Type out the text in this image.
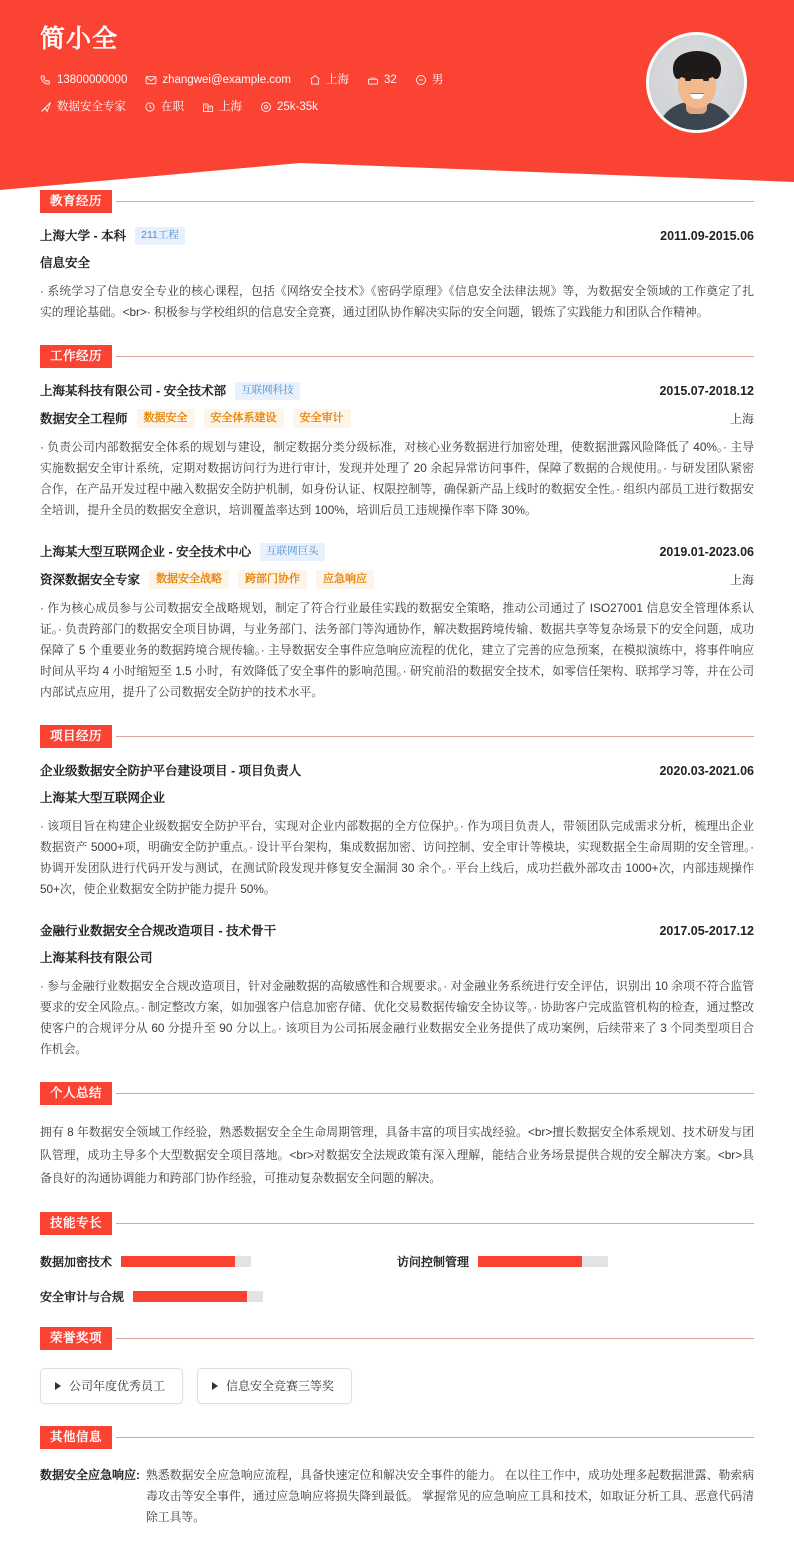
简小全
13800000000	zhangwei@example.com	上海	32	男
数据安全专家	在职	上海	25k-35k
教育经历
上海大学 - 本科	211工程	2011.09-2015.06
信息安全
· 系统学习了信息安全专业的核心课程，包括《网络安全技术》《密码学原理》《信息安全法律法规》等，为数据安全领域的工作奠定了扎实的理论基础。<br>· 积极参与学校组织的信息安全竞赛，通过团队协作解决实际的安全问题，锻炼了实践能力和团队合作精神。
工作经历
上海某科技有限公司 - 安全技术部	互联网科技	2015.07-2018.12
数据安全工程师	数据安全	安全体系建设	安全审计	上海
· 负责公司内部数据安全体系的规划与建设，制定数据分类分级标准，对核心业务数据进行加密处理，使数据泄露风险降低了 40%。· 主导实施数据安全审计系统，定期对数据访问行为进行审计，发现并处理了 20 余起异常访问事件，保障了数据的合规使用。· 与研发团队紧密合作，在产品开发过程中融入数据安全防护机制，如身份认证、权限控制等，确保新产品上线时的数据安全性。· 组织内部员工进行数据安全培训，提升全员的数据安全意识，培训覆盖率达到 100%，培训后员工违规操作率下降 30%。
上海某大型互联网企业 - 安全技术中心	互联网巨头	2019.01-2023.06
资深数据安全专家	数据安全战略	跨部门协作	应急响应	上海
· 作为核心成员参与公司数据安全战略规划，制定了符合行业最佳实践的数据安全策略，推动公司通过了 ISO27001 信息安全管理体系认证。· 负责跨部门的数据安全项目协调，与业务部门、法务部门等沟通协作，解决数据跨境传输、数据共享等复杂场景下的安全问题，成功保障了 5 个重要业务的数据跨境合规传输。· 主导数据安全事件应急响应流程的优化，建立了完善的应急预案，在模拟演练中，将事件响应时间从平均 4 小时缩短至 1.5 小时，有效降低了安全事件的影响范围。· 研究前沿的数据安全技术，如零信任架构、联邦学习等，并在公司内部试点应用，提升了公司数据安全防护的技术水平。
项目经历
企业级数据安全防护平台建设项目 - 项目负责人	2020.03-2021.06
上海某大型互联网企业
· 该项目旨在构建企业级数据安全防护平台，实现对企业内部数据的全方位保护。· 作为项目负责人，带领团队完成需求分析，梳理出企业数据资产 5000+项，明确安全防护重点。· 设计平台架构，集成数据加密、访问控制、安全审计等模块，实现数据全生命周期的安全管理。· 协调开发团队进行代码开发与测试，在测试阶段发现并修复安全漏洞 30 余个。· 平台上线后，成功拦截外部攻击 1000+次，内部违规操作 50+次，使企业数据安全防护能力提升 50%。
金融行业数据安全合规改造项目 - 技术骨干	2017.05-2017.12
上海某科技有限公司
· 参与金融行业数据安全合规改造项目，针对金融数据的高敏感性和合规要求。· 对金融业务系统进行安全评估，识别出 10 余项不符合监管要求的安全风险点。· 制定整改方案，如加强客户信息加密存储、优化交易数据传输安全协议等。· 协助客户完成监管机构的检查，通过整改使客户的合规评分从 60 分提升至 90 分以上。· 该项目为公司拓展金融行业数据安全业务提供了成功案例，后续带来了 3 个同类型项目合作机会。
个人总结
拥有 8 年数据安全领域工作经验，熟悉数据安全全生命周期管理，具备丰富的项目实战经验。<br>擅长数据安全体系规划、技术研发与团队管理，成功主导多个大型数据安全项目落地。<br>对数据安全法规政策有深入理解，能结合业务场景提供合规的安全解决方案。<br>具备良好的沟通协调能力和跨部门协作经验，可推动复杂数据安全问题的解决。
技能专长
数据加密技术	访问控制管理
安全审计与合规
荣誉奖项
公司年度优秀员工	信息安全竞赛三等奖
其他信息
数据安全应急响应: 熟悉数据安全应急响应流程，具备快速定位和解决安全事件的能力。 在以往工作中，成功处理多起数据泄露、勒索病毒攻击等安全事件，通过应急响应将损失降到最低。 掌握常见的应急响应工具和技术，如取证分析工具、恶意代码清除工具等。
